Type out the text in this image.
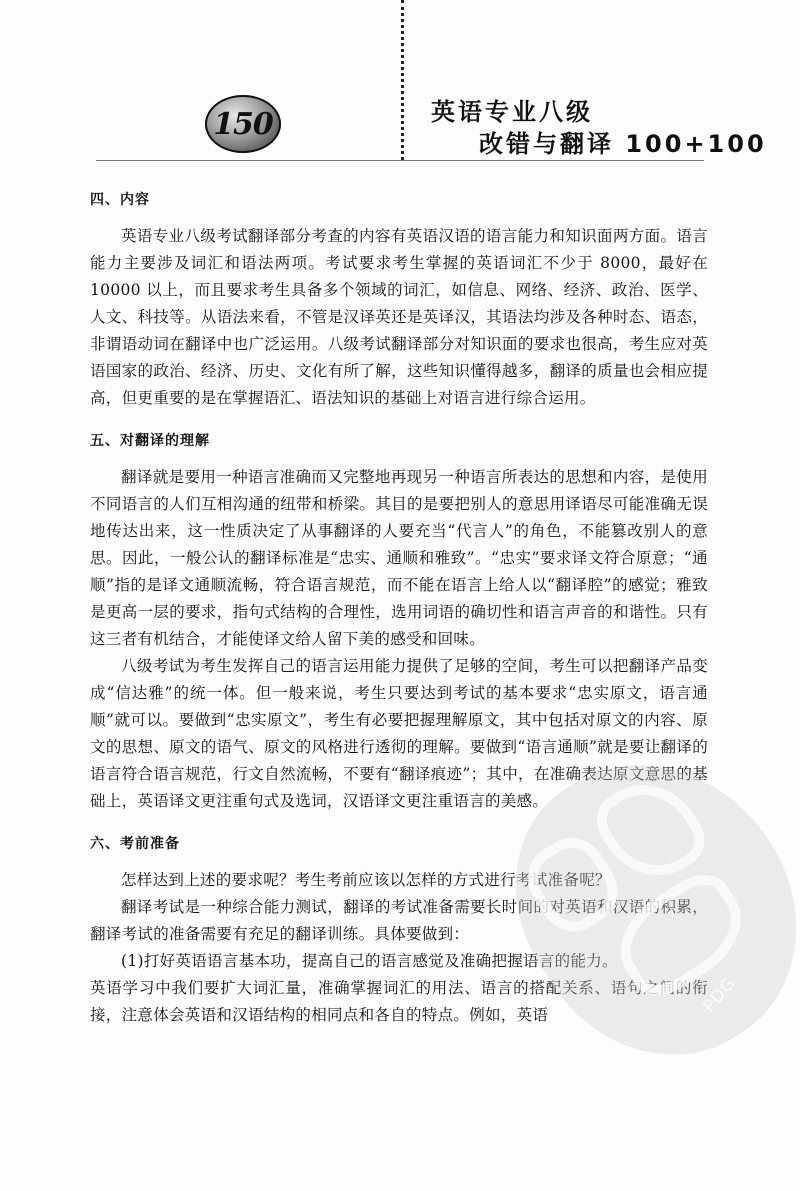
150	英语专业八级
改错与翻译 100+100
四、内容

英语专业八级考试翻译部分考查的内容有英语汉语的语言能力和知识面两方面。语言能力主要涉及词汇和语法两项。考试要求考生掌握的英语词汇不少于 8000，最好在 10000 以上，而且要求考生具备多个领域的词汇，如信息、网络、经济、政治、医学、人文、科技等。从语法来看，不管是汉译英还是英译汉，其语法均涉及各种时态、语态，非谓语动词在翻译中也广泛运用。八级考试翻译部分对知识面的要求也很高，考生应对英语国家的政治、经济、历史、文化有所了解，这些知识懂得越多，翻译的质量也会相应提高，但更重要的是在掌握语汇、语法知识的基础上对语言进行综合运用。

五、对翻译的理解

翻译就是要用一种语言准确而又完整地再现另一种语言所表达的思想和内容，是使用不同语言的人们互相沟通的纽带和桥梁。其目的是要把别人的意思用译语尽可能准确无误地传达出来，这一性质决定了从事翻译的人要充当“代言人”的角色，不能篡改别人的意思。因此，一般公认的翻译标准是“忠实、通顺和雅致”。“忠实”要求译文符合原意；“通顺”指的是译文通顺流畅，符合语言规范，而不能在语言上给人以“翻译腔”的感觉；雅致是更高一层的要求，指句式结构的合理性，选用词语的确切性和语言声音的和谐性。只有这三者有机结合，才能使译文给人留下美的感受和回味。

八级考试为考生发挥自己的语言运用能力提供了足够的空间，考生可以把翻译产品变成“信达雅”的统一体。但一般来说，考生只要达到考试的基本要求“忠实原文，语言通顺”就可以。要做到“忠实原文”，考生有必要把握理解原文，其中包括对原文的内容、原文的思想、原文的语气、原文的风格进行透彻的理解。要做到“语言通顺”就是要让翻译的语言符合语言规范，行文自然流畅，不要有“翻译痕迹”；其中，在准确表达原文意思的基础上，英语译文更注重句式及选词，汉语译文更注重语言的美感。

六、考前准备

怎样达到上述的要求呢？考生考前应该以怎样的方式进行考试准备呢？

翻译考试是一种综合能力测试，翻译的考试准备需要长时间的对英语和汉语的积累，翻译考试的准备需要有充足的翻译训练。具体要做到：

(1)打好英语语言基本功，提高自己的语言感觉及准确把握语言的能力。

英语学习中我们要扩大词汇量，准确掌握词汇的用法、语言的搭配关系、语句之间的衔接，注意体会英语和汉语结构的相同点和各自的特点。例如，英语	PDG
